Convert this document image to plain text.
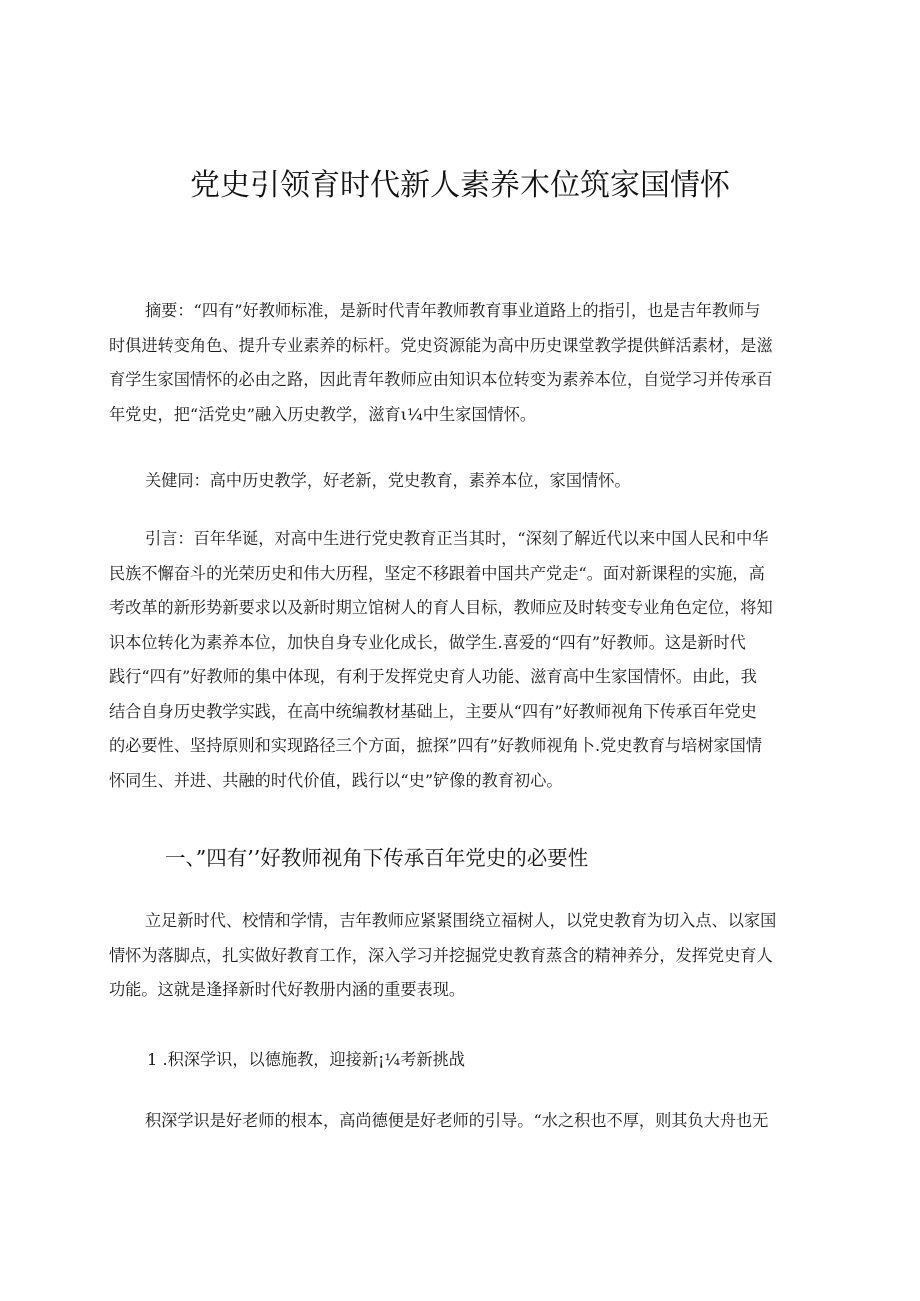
党史引领育时代新人素养木位筑家国情怀
摘要：“四有”好教师标准，是新时代青年教师教育事业道路上的指引，也是吉年教师与
时俱进转变角色、提升专业素养的标杆。党史资源能为高中历史课堂教学提供鲜活素材，是滋
育学生家国情怀的必由之路，因此青年教师应由知识本位转变为素养本位，自觉学习并传承百
年党史，把“活党史”融入历史教学，滋育ι¼中生家国情怀。
关健同：高中历史教学，好老新，党史教育，素养本位，家国情怀。
引言：百年华诞，对高中生进行党史教育正当其时，“深刻了解近代以来中国人民和中华
民族不懈奋斗的光荣历史和伟大历程，坚定不移跟着中国共产党走“。面对新课程的实施，高
考改革的新形势新要求以及新时期立馆树人的育人目标，教师应及时转变专业角色定位，将知
识本位转化为素养本位，加快自身专业化成长，做学生.喜爱的“四有”好教师。这是新时代
践行“四有”好教师的集中体现，有利于发挥党史育人功能、滋育高中生家国情怀。由此，我
结合自身历史教学实践，在高中统编教材基础上，主要从“四有”好教师视角下传承百年党史
的必要性、坚持原则和实现路径三个方面，摭探”四有”好教师视角卜.党史教育与培树家国情
怀同生、并进、共融的时代价值，践行以“史”铲像的教育初心。
一、”四有’’好教师视角下传承百年党史的必要性
立足新时代、校情和学情，吉年教师应紧紧围绕立福树人，以党史教育为切入点、以家国
情怀为落脚点，扎实做好教育工作，深入学习并挖掘党史教育蒸含的精神养分，发挥党史育人
功能。这就是逢择新时代好教册内涵的重要表现。
1 .积深学识，以德施教，迎接新¡¼考新挑战
积深学识是好老师的根本，高尚德便是好老师的引导。“水之积也不厚，则其负大舟也无
